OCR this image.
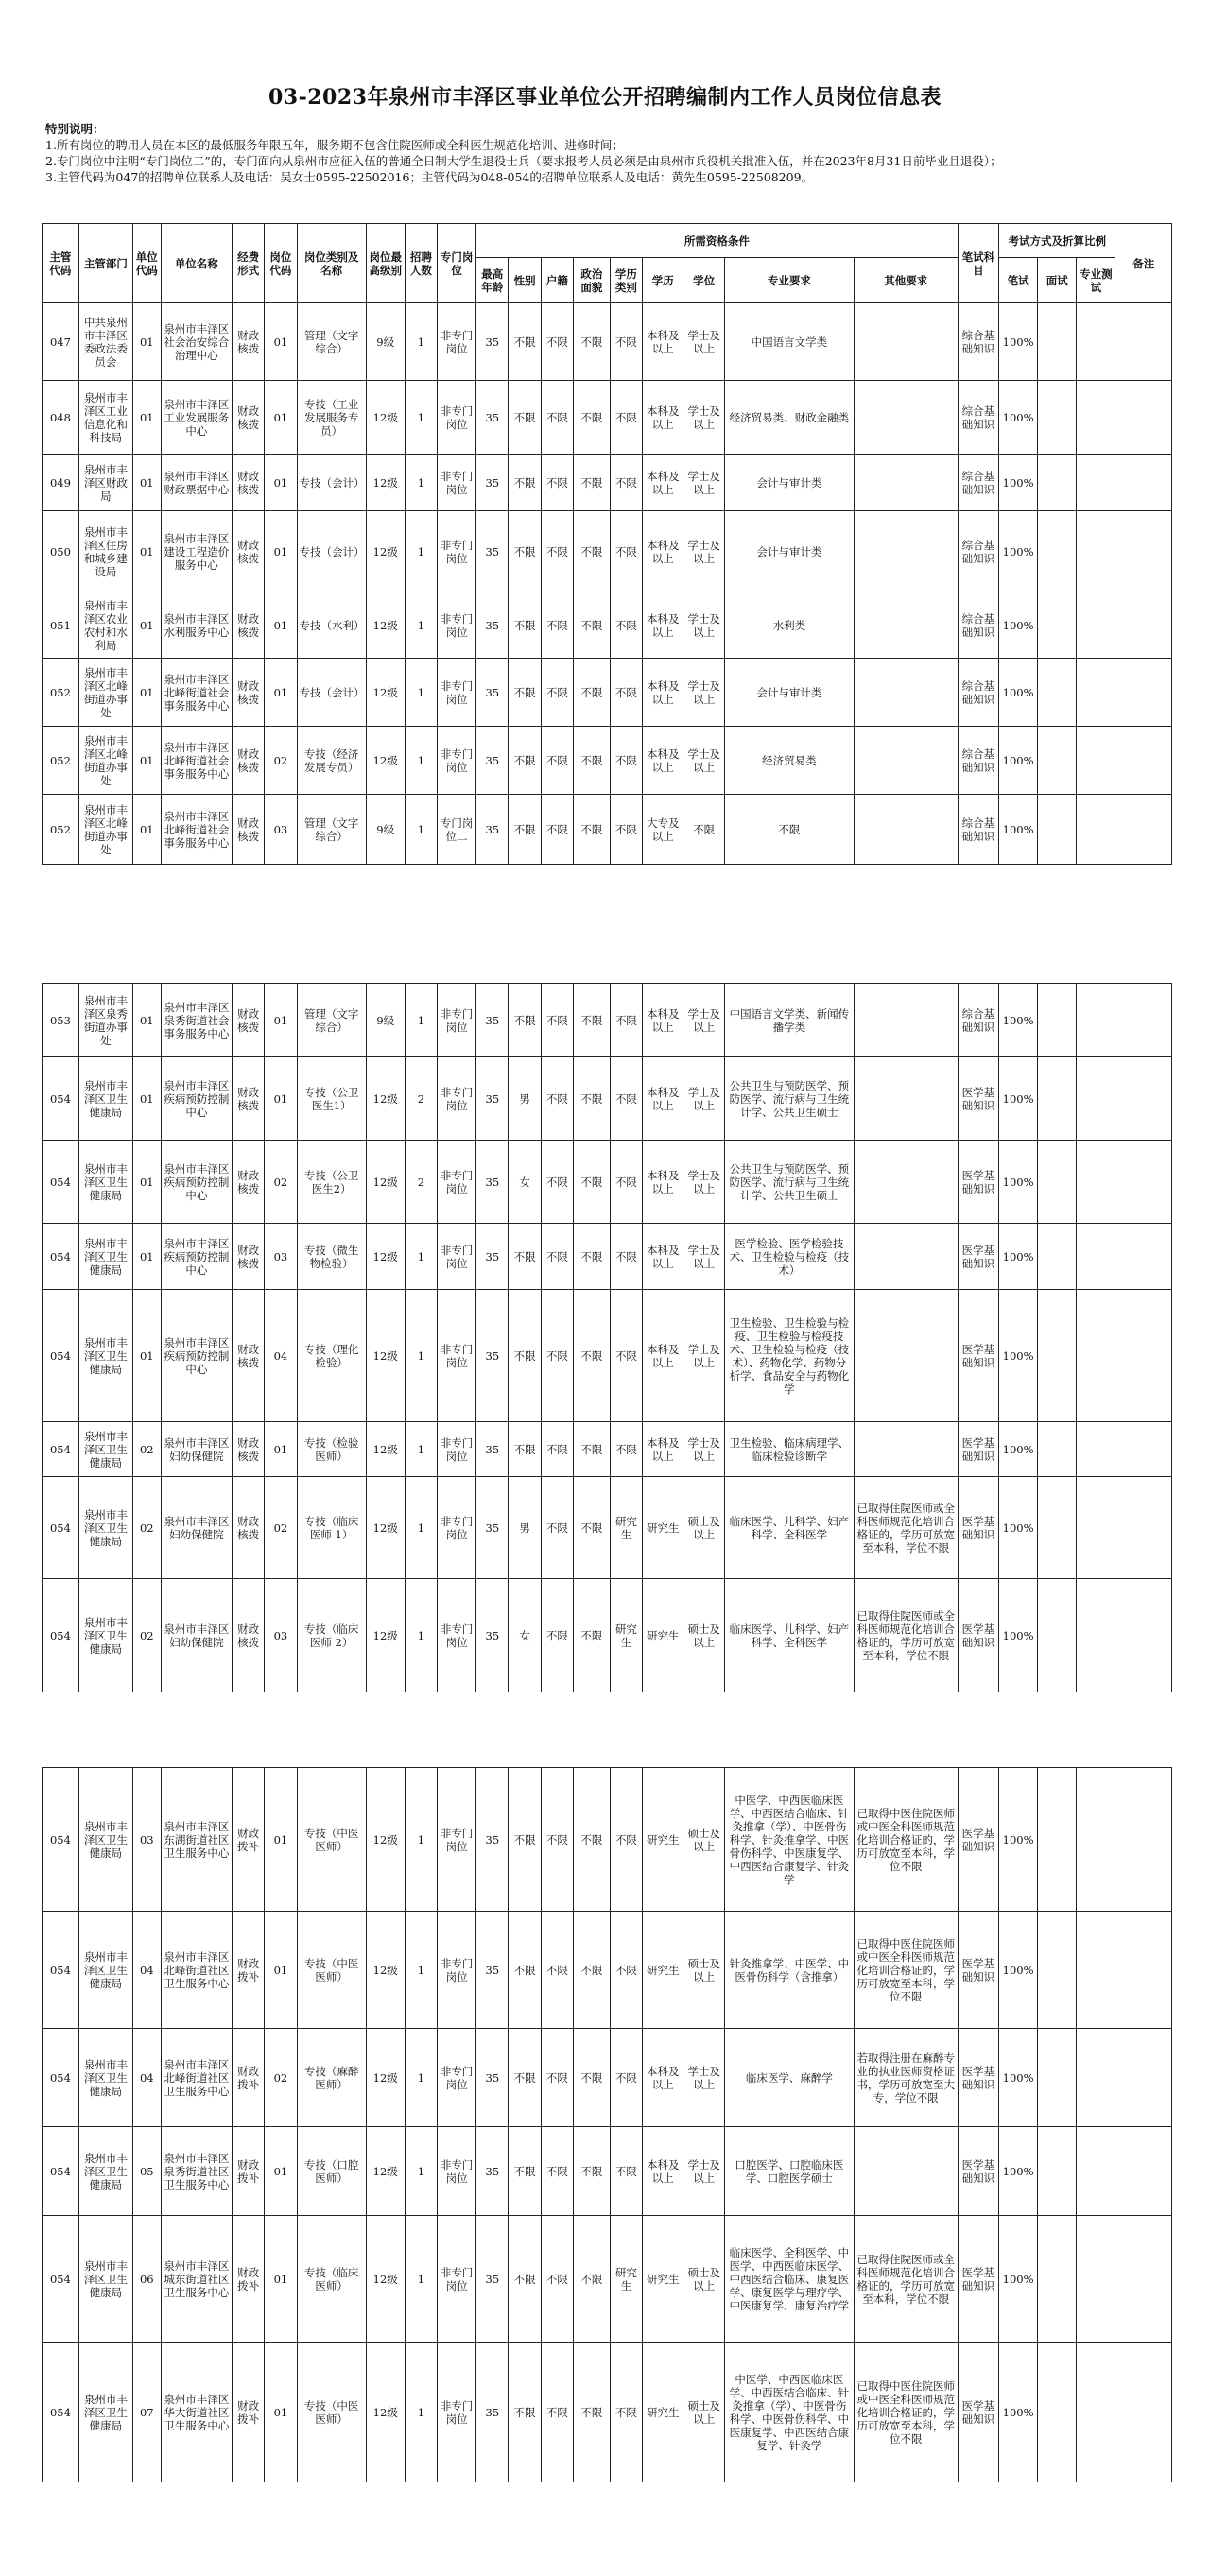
03-2023年泉州市丰泽区事业单位公开招聘编制内工作人员岗位信息表
特别说明：
1.所有岗位的聘用人员在本区的最低服务年限五年，服务期不包含住院医师或全科医生规范化培训、进修时间；
2.专门岗位中注明“专门岗位二”的，专门面向从泉州市应征入伍的普通全日制大学生退役士兵（要求报考人员必须是由泉州市兵役机关批准入伍，并在2023年8月31日前毕业且退役）；
3.主管代码为047的招聘单位联系人及电话：吴女士0595-22502016；主管代码为048-054的招聘单位联系人及电话：黄先生0595-22508209。
主管代码	主管部门	单位代码	单位名称	经费形式	岗位代码	岗位类别及名称	岗位最高级别	招聘人数	专门岗位	所需资格条件									笔试科目	考试方式及折算比例			备注
										最高年龄	性别	户籍	政治面貌	学历类别	学历	学位	专业要求	其他要求		笔试	面试	专业测试	
047	中共泉州市丰泽区委政法委员会	01	泉州市丰泽区社会治安综合治理中心	财政核拨	01	管理（文字综合）	9级	1	非专门岗位	35	不限	不限	不限	不限	本科及以上	学士及以上	中国语言文学类		综合基础知识	100%			
048	泉州市丰泽区工业信息化和科技局	01	泉州市丰泽区工业发展服务中心	财政核拨	01	专技（工业发展服务专员）	12级	1	非专门岗位	35	不限	不限	不限	不限	本科及以上	学士及以上	经济贸易类、财政金融类		综合基础知识	100%			
049	泉州市丰泽区财政局	01	泉州市丰泽区财政票据中心	财政核拨	01	专技（会计）	12级	1	非专门岗位	35	不限	不限	不限	不限	本科及以上	学士及以上	会计与审计类		综合基础知识	100%			
050	泉州市丰泽区住房和城乡建设局	01	泉州市丰泽区建设工程造价服务中心	财政核拨	01	专技（会计）	12级	1	非专门岗位	35	不限	不限	不限	不限	本科及以上	学士及以上	会计与审计类		综合基础知识	100%			
051	泉州市丰泽区农业农村和水利局	01	泉州市丰泽区水利服务中心	财政核拨	01	专技（水利）	12级	1	非专门岗位	35	不限	不限	不限	不限	本科及以上	学士及以上	水利类		综合基础知识	100%			
052	泉州市丰泽区北峰街道办事处	01	泉州市丰泽区北峰街道社会事务服务中心	财政核拨	01	专技（会计）	12级	1	非专门岗位	35	不限	不限	不限	不限	本科及以上	学士及以上	会计与审计类		综合基础知识	100%			
052	泉州市丰泽区北峰街道办事处	01	泉州市丰泽区北峰街道社会事务服务中心	财政核拨	02	专技（经济发展专员）	12级	1	非专门岗位	35	不限	不限	不限	不限	本科及以上	学士及以上	经济贸易类		综合基础知识	100%			
052	泉州市丰泽区北峰街道办事处	01	泉州市丰泽区北峰街道社会事务服务中心	财政核拨	03	管理（文字综合）	9级	1	专门岗位二	35	不限	不限	不限	不限	大专及以上	不限	不限		综合基础知识	100%			
053	泉州市丰泽区泉秀街道办事处	01	泉州市丰泽区泉秀街道社会事务服务中心	财政核拨	01	管理（文字综合）	9级	1	非专门岗位	35	不限	不限	不限	不限	本科及以上	学士及以上	中国语言文学类、新闻传播学类		综合基础知识	100%			
054	泉州市丰泽区卫生健康局	01	泉州市丰泽区疾病预防控制中心	财政核拨	01	专技（公卫医生1）	12级	2	非专门岗位	35	男	不限	不限	不限	本科及以上	学士及以上	公共卫生与预防医学、预防医学、流行病与卫生统计学、公共卫生硕士		医学基础知识	100%			
054	泉州市丰泽区卫生健康局	01	泉州市丰泽区疾病预防控制中心	财政核拨	02	专技（公卫医生2）	12级	2	非专门岗位	35	女	不限	不限	不限	本科及以上	学士及以上	公共卫生与预防医学、预防医学、流行病与卫生统计学、公共卫生硕士		医学基础知识	100%			
054	泉州市丰泽区卫生健康局	01	泉州市丰泽区疾病预防控制中心	财政核拨	03	专技（微生物检验）	12级	1	非专门岗位	35	不限	不限	不限	不限	本科及以上	学士及以上	医学检验、医学检验技术、卫生检验与检疫（技术）		医学基础知识	100%			
054	泉州市丰泽区卫生健康局	01	泉州市丰泽区疾病预防控制中心	财政核拨	04	专技（理化检验）	12级	1	非专门岗位	35	不限	不限	不限	不限	本科及以上	学士及以上	卫生检验、卫生检验与检疫、卫生检验与检疫技术、卫生检验与检疫（技术）、药物化学、药物分析学、食品安全与药物化学		医学基础知识	100%			
054	泉州市丰泽区卫生健康局	02	泉州市丰泽区妇幼保健院	财政核拨	01	专技（检验医师）	12级	1	非专门岗位	35	不限	不限	不限	不限	本科及以上	学士及以上	卫生检验、临床病理学、临床检验诊断学		医学基础知识	100%			
054	泉州市丰泽区卫生健康局	02	泉州市丰泽区妇幼保健院	财政核拨	02	专技（临床医师 1）	12级	1	非专门岗位	35	男	不限	不限	研究生	研究生	硕士及以上	临床医学、儿科学、妇产科学、全科医学	已取得住院医师或全科医师规范化培训合格证的，学历可放宽至本科，学位不限	医学基础知识	100%			
054	泉州市丰泽区卫生健康局	02	泉州市丰泽区妇幼保健院	财政核拨	03	专技（临床医师 2）	12级	1	非专门岗位	35	女	不限	不限	研究生	研究生	硕士及以上	临床医学、儿科学、妇产科学、全科医学	已取得住院医师或全科医师规范化培训合格证的，学历可放宽至本科，学位不限	医学基础知识	100%			
054	泉州市丰泽区卫生健康局	03	泉州市丰泽区东湖街道社区卫生服务中心	财政拨补	01	专技（中医医师）	12级	1	非专门岗位	35	不限	不限	不限	不限	研究生	硕士及以上	中医学、中西医临床医学、中西医结合临床、针灸推拿（学）、中医骨伤科学、针灸推拿学、中医骨伤科学、中医康复学、中西医结合康复学、针灸学	已取得中医住院医师或中医全科医师规范化培训合格证的，学历可放宽至本科，学位不限	医学基础知识	100%			
054	泉州市丰泽区卫生健康局	04	泉州市丰泽区北峰街道社区卫生服务中心	财政拨补	01	专技（中医医师）	12级	1	非专门岗位	35	不限	不限	不限	不限	研究生	硕士及以上	针灸推拿学、中医学、中医骨伤科学（含推拿）	已取得中医住院医师或中医全科医师规范化培训合格证的，学历可放宽至本科，学位不限	医学基础知识	100%			
054	泉州市丰泽区卫生健康局	04	泉州市丰泽区北峰街道社区卫生服务中心	财政拨补	02	专技（麻醉医师）	12级	1	非专门岗位	35	不限	不限	不限	不限	本科及以上	学士及以上	临床医学、麻醉学	若取得注册在麻醉专业的执业医师资格证书，学历可放宽至大专，学位不限	医学基础知识	100%			
054	泉州市丰泽区卫生健康局	05	泉州市丰泽区泉秀街道社区卫生服务中心	财政拨补	01	专技（口腔医师）	12级	1	非专门岗位	35	不限	不限	不限	不限	本科及以上	学士及以上	口腔医学、口腔临床医学、口腔医学硕士		医学基础知识	100%			
054	泉州市丰泽区卫生健康局	06	泉州市丰泽区城东街道社区卫生服务中心	财政拨补	01	专技（临床医师）	12级	1	非专门岗位	35	不限	不限	不限	研究生	研究生	硕士及以上	临床医学、全科医学、中医学、中西医临床医学、中西医结合临床、康复医学、康复医学与理疗学、中医康复学、康复治疗学	已取得住院医师或全科医师规范化培训合格证的，学历可放宽至本科，学位不限	医学基础知识	100%			
054	泉州市丰泽区卫生健康局	07	泉州市丰泽区华大街道社区卫生服务中心	财政拨补	01	专技（中医医师）	12级	1	非专门岗位	35	不限	不限	不限	不限	研究生	硕士及以上	中医学、中西医临床医学、中西医结合临床、针灸推拿（学）、中医骨伤科学、中医骨伤科学、中医康复学、中西医结合康复学、针灸学	已取得中医住院医师或中医全科医师规范化培训合格证的，学历可放宽至本科，学位不限	医学基础知识	100%			
